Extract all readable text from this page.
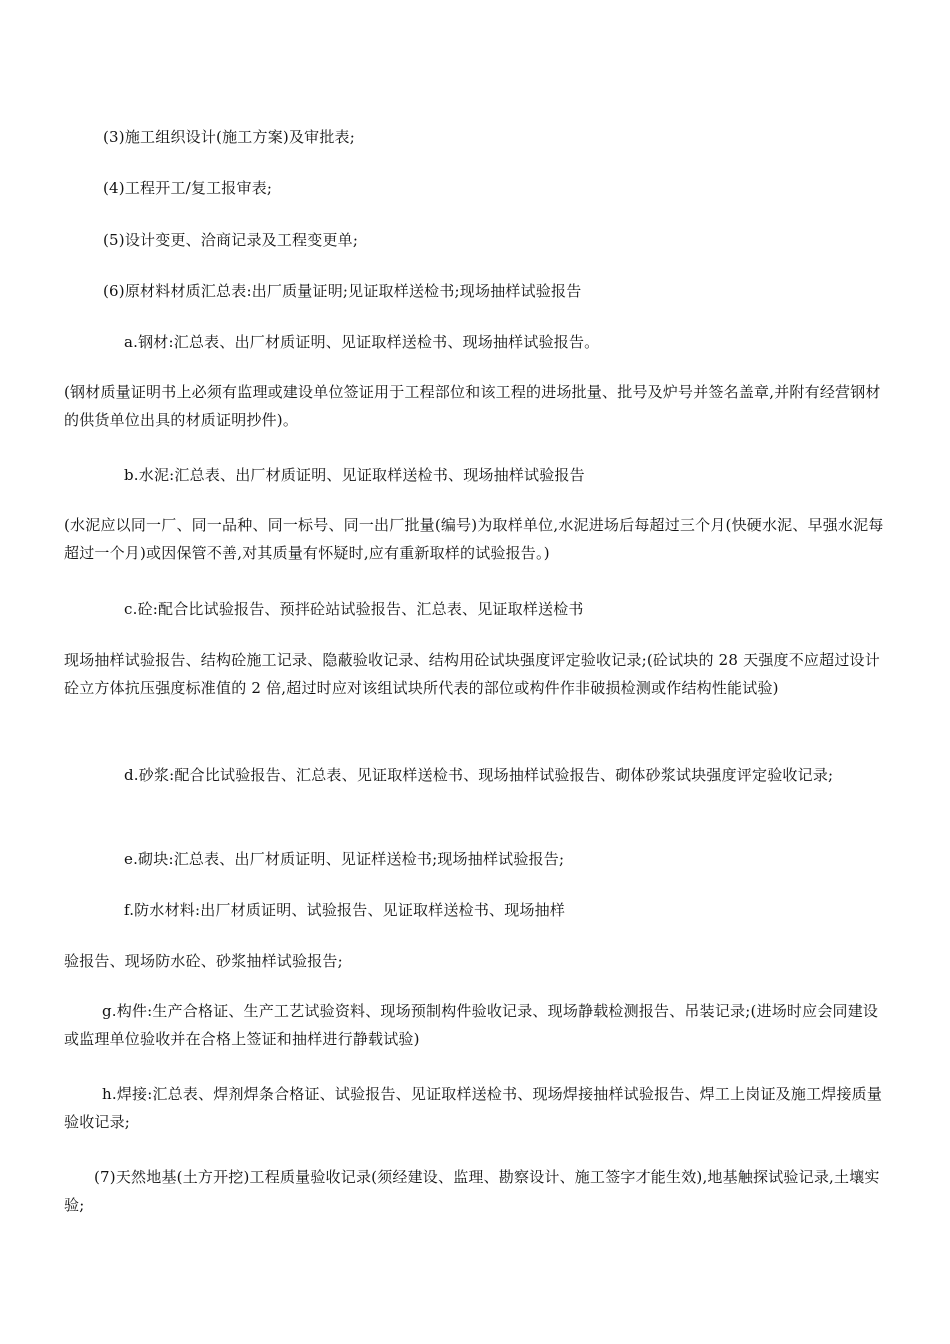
(3)施工组织设计(施工方案)及审批表;
(4)工程开工/复工报审表;
(5)设计变更、洽商记录及工程变更单;
(6)原材料材质汇总表:出厂质量证明;见证取样送检书;现场抽样试验报告
a.钢材:汇总表、出厂材质证明、见证取样送检书、现场抽样试验报告。
(钢材质量证明书上必须有监理或建设单位签证用于工程部位和该工程的进场批量、批号及炉号并签名盖章,并附有经营钢材的供货单位出具的材质证明抄件)。
b.水泥:汇总表、出厂材质证明、见证取样送检书、现场抽样试验报告
(水泥应以同一厂、同一品种、同一标号、同一出厂批量(编号)为取样单位,水泥进场后每超过三个月(快硬水泥、早强水泥每超过一个月)或因保管不善,对其质量有怀疑时,应有重新取样的试验报告。)
c.砼:配合比试验报告、预拌砼站试验报告、汇总表、见证取样送检书
现场抽样试验报告、结构砼施工记录、隐蔽验收记录、结构用砼试块强度评定验收记录;(砼试块的 28 天强度不应超过设计砼立方体抗压强度标准值的 2 倍,超过时应对该组试块所代表的部位或构件作非破损检测或作结构性能试验)
d.砂浆:配合比试验报告、汇总表、见证取样送检书、现场抽样试验报告、砌体砂浆试块强度评定验收记录;
e.砌块:汇总表、出厂材质证明、见证样送检书;现场抽样试验报告;
f.防水材料:出厂材质证明、试验报告、见证取样送检书、现场抽样
验报告、现场防水砼、砂浆抽样试验报告;
g.构件:生产合格证、生产工艺试验资料、现场预制构件验收记录、现场静载检测报告、吊装记录;(进场时应会同建设或监理单位验收并在合格上签证和抽样进行静载试验)
h.焊接:汇总表、焊剂焊条合格证、试验报告、见证取样送检书、现场焊接抽样试验报告、焊工上岗证及施工焊接质量验收记录;
(7)天然地基(土方开挖)工程质量验收记录(须经建设、监理、勘察设计、施工签字才能生效),地基触探试验记录,土壤实验;
